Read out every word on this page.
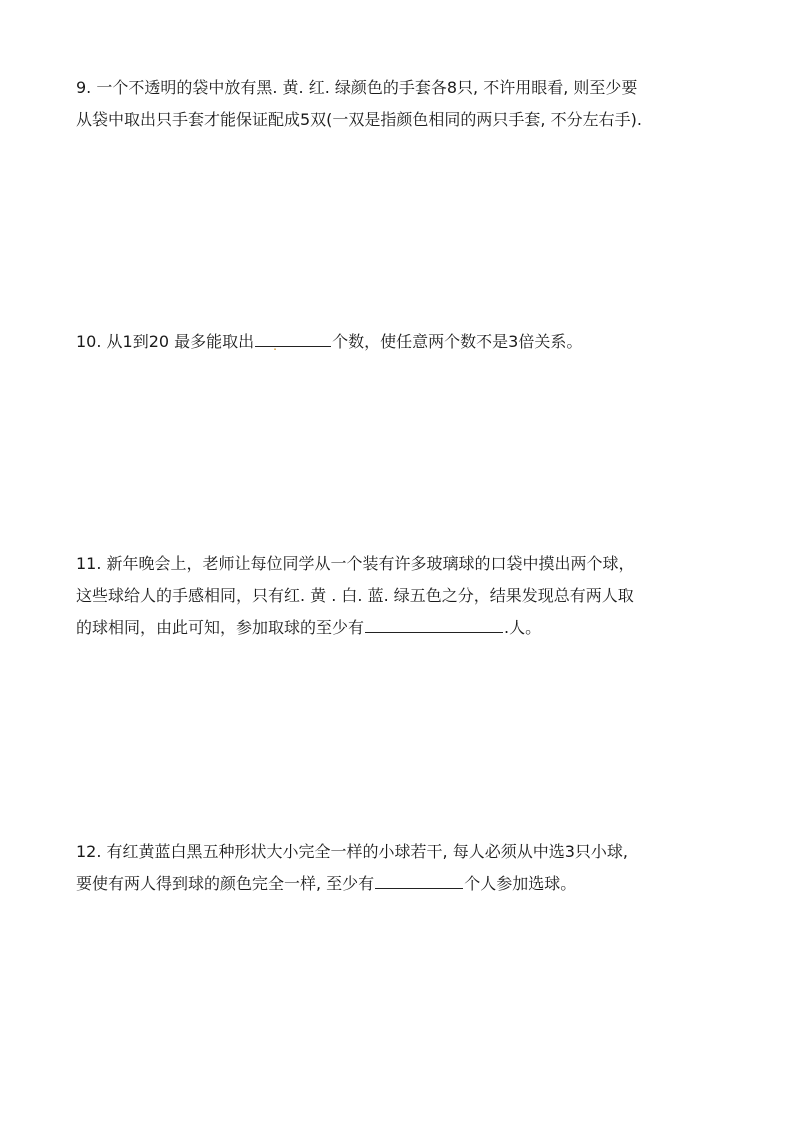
9. 一个不透明的袋中放有黑. 黄. 红. 绿颜色的手套各8只, 不许用眼看, 则至少要
从袋中取出只手套才能保证配成5双(一双是指颜色相同的两只手套, 不分左右手).
10. 从1到20 最多能取出 .	个数，使任意两个数不是3倍关系。
11. 新年晚会上，老师让每位同学从一个装有许多玻璃球的口袋中摸出两个球，
这些球给人的手感相同，只有红. 黄 . 白. 蓝. 绿五色之分，结果发现总有两人取
的球相同，由此可知，参加取球的至少有	.人。
12. 有红黄蓝白黑五种形状大小完全一样的小球若干, 每人必须从中选3只小球,
要使有两人得到球的颜色完全一样, 至少有	个人参加选球。
